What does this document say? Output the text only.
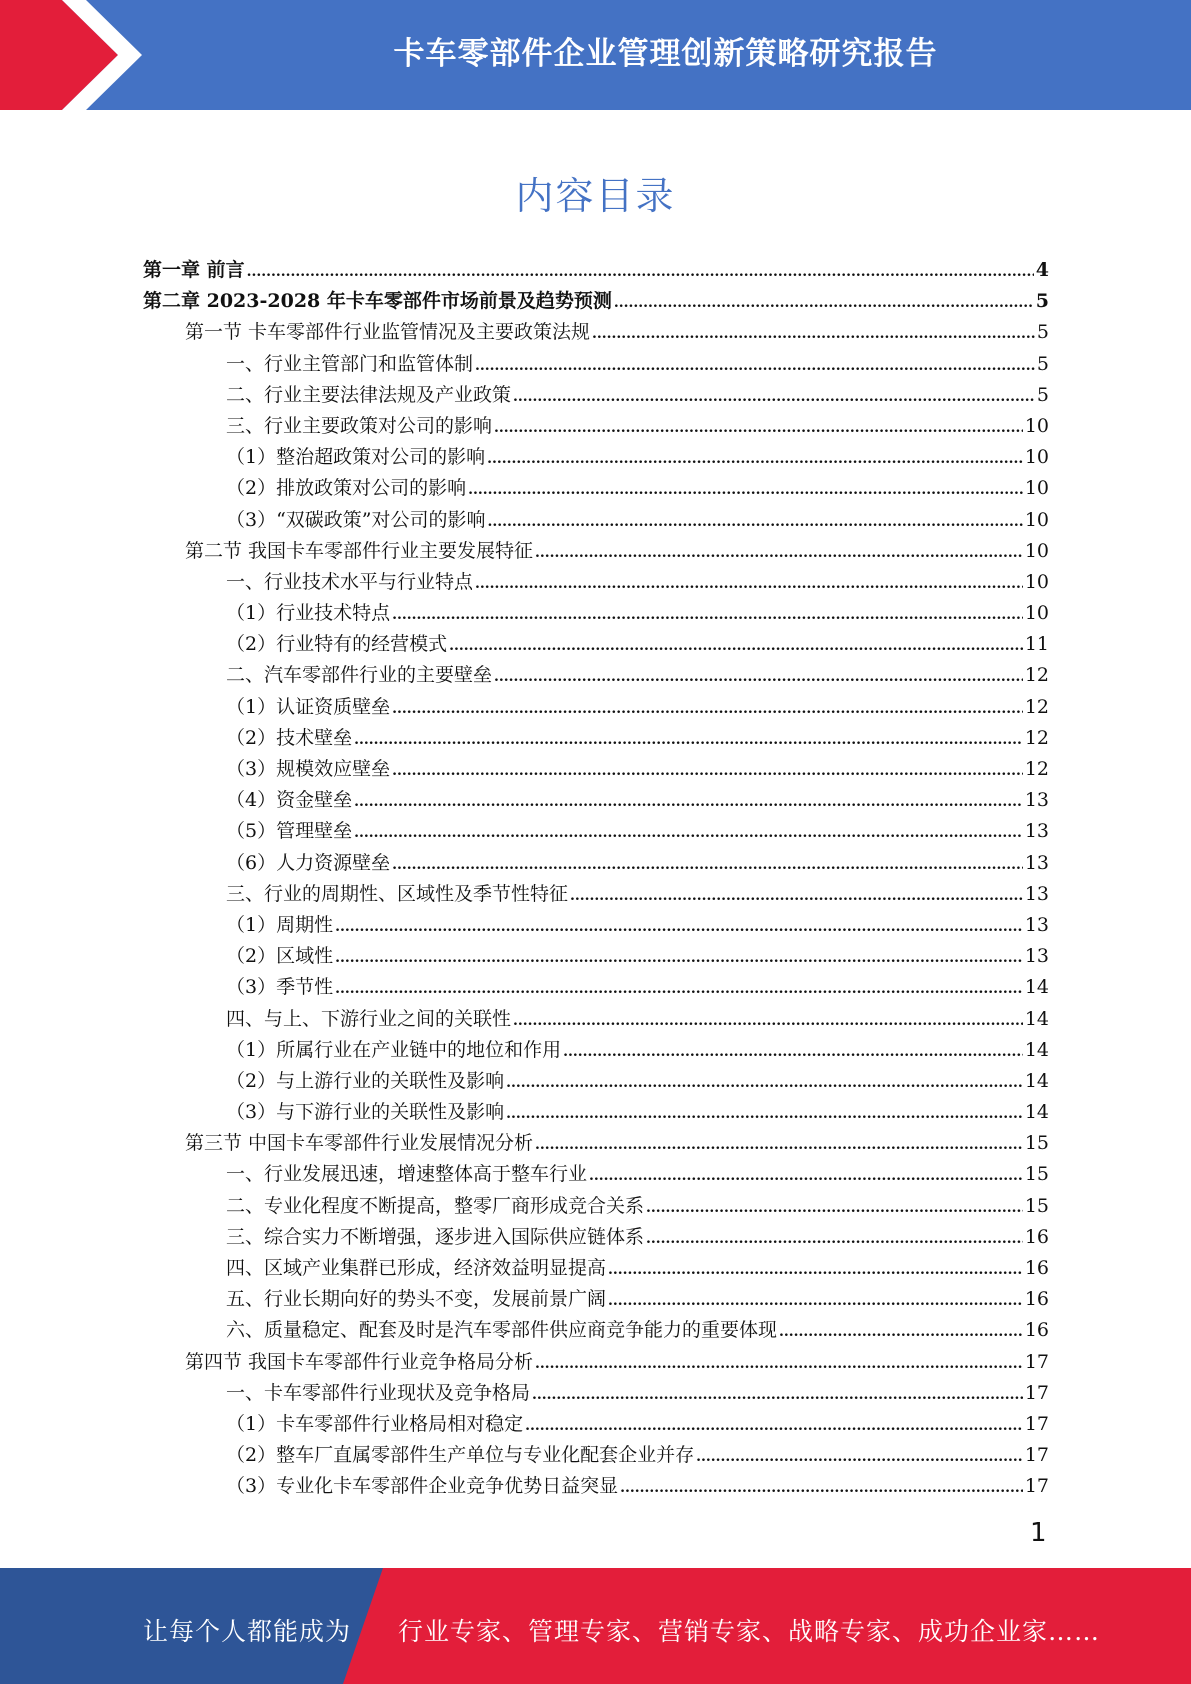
卡车零部件企业管理创新策略研究报告
内容目录
第一章 前言 .....	4
第二章 2023-2028 年卡车零部件市场前景及趋势预测 .....	5
第一节 卡车零部件行业监管情况及主要政策法规 .....	5
一、行业主管部门和监管体制 .....	5
二、行业主要法律法规及产业政策 .....	5
三、行业主要政策对公司的影响 .....	10
（1）整治超政策对公司的影响 .....	10
（2）排放政策对公司的影响 .....	10
（3）“双碳政策”对公司的影响 .....	10
第二节 我国卡车零部件行业主要发展特征 .....	10
一、行业技术水平与行业特点 .....	10
（1）行业技术特点 .....	10
（2）行业特有的经营模式 .....	11
二、汽车零部件行业的主要壁垒 .....	12
（1）认证资质壁垒 .....	12
（2）技术壁垒 .....	12
（3）规模效应壁垒 .....	12
（4）资金壁垒 .....	13
（5）管理壁垒 .....	13
（6）人力资源壁垒 .....	13
三、行业的周期性、区域性及季节性特征 .....	13
（1）周期性 .....	13
（2）区域性 .....	13
（3）季节性 .....	14
四、与上、下游行业之间的关联性 .....	14
（1）所属行业在产业链中的地位和作用 .....	14
（2）与上游行业的关联性及影响 .....	14
（3）与下游行业的关联性及影响 .....	14
第三节 中国卡车零部件行业发展情况分析 .....	15
一、行业发展迅速，增速整体高于整车行业 .....	15
二、专业化程度不断提高，整零厂商形成竞合关系 .....	15
三、综合实力不断增强，逐步进入国际供应链体系 .....	16
四、区域产业集群已形成，经济效益明显提高 .....	16
五、行业长期向好的势头不变，发展前景广阔 .....	16
六、质量稳定、配套及时是汽车零部件供应商竞争能力的重要体现 .....	16
第四节 我国卡车零部件行业竞争格局分析 .....	17
一、卡车零部件行业现状及竞争格局 .....	17
（1）卡车零部件行业格局相对稳定 .....	17
（2）整车厂直属零部件生产单位与专业化配套企业并存 .....	17
（3）专业化卡车零部件企业竞争优势日益突显 .....	17
1
让每个人都能成为 行业专家、管理专家、营销专家、战略专家、成功企业家……
